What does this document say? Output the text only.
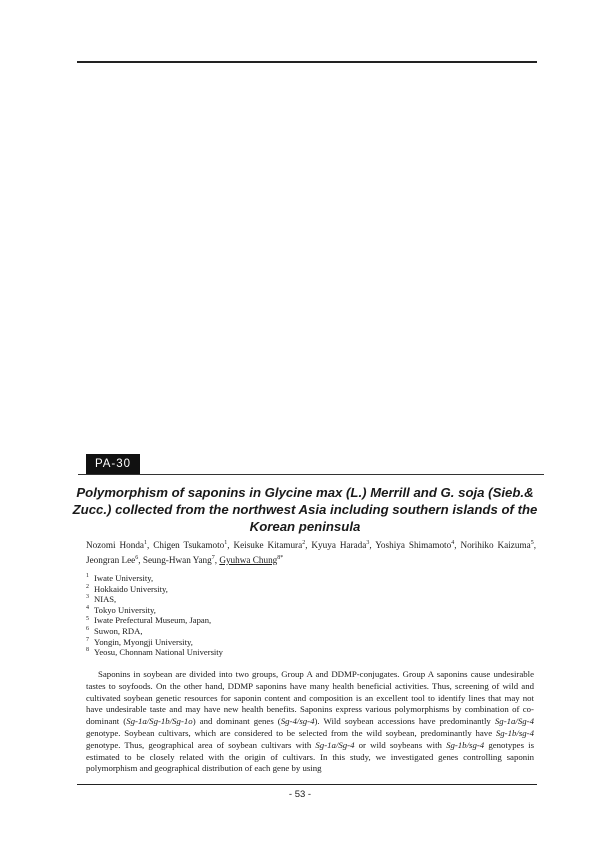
PA-30
Polymorphism of saponins in Glycine max (L.) Merrill and G. soja (Sieb.& Zucc.) collected from the northwest Asia including southern islands of the Korean peninsula

Nozomi Honda$^1$, Chigen Tsukamoto$^1$, Keisuke Kitamura$^2$, Kyuya Harada$^3$, Yoshiya Shimamoto$^4$, Norihiko Kaizuma$^5$, Jeongran Lee$^6$, Seung-Hwan Yang$^7$, Gyuhwa Chung$^{8*}$

$^1$ Iwate University,
$^2$ Hokkaido University,
$^3$ NIAS,
$^4$ Tokyo University,
$^5$ Iwate Prefectural Museum, Japan,
$^6$ Suwon, RDA,
$^7$ Yongin, Myongji University,
$^8$ Yeosu, Chonnam National University

Saponins in soybean are divided into two groups, Group A and DDMP-conjugates. Group A saponins cause undesirable tastes to soyfoods. On the other hand, DDMP saponins have many health beneficial activities. Thus, screening of wild and cultivated soybean genetic resources for saponin content and composition is an excellent tool to identify lines that may not have undesirable taste and may have new health benefits. Saponins express various polymorphisms by combination of co-dominant (Sg-1a/Sg-1b/Sg-1o) and dominant genes (Sg-4/sg-4). Wild soybean accessions have predominantly Sg-1a/Sg-4 genotype. Soybean cultivars, which are considered to be selected from the wild soybean, predominantly have Sg-1b/sg-4 genotype. Thus, geographical area of soybean cultivars with Sg-1a/Sg-4 or wild soybeans with Sg-1b/sg-4 genotypes is estimated to be closely related with the origin of cultivars. In this study, we investigated genes controlling saponin polymorphism and geographical distribution of each gene by using

- 53 -
